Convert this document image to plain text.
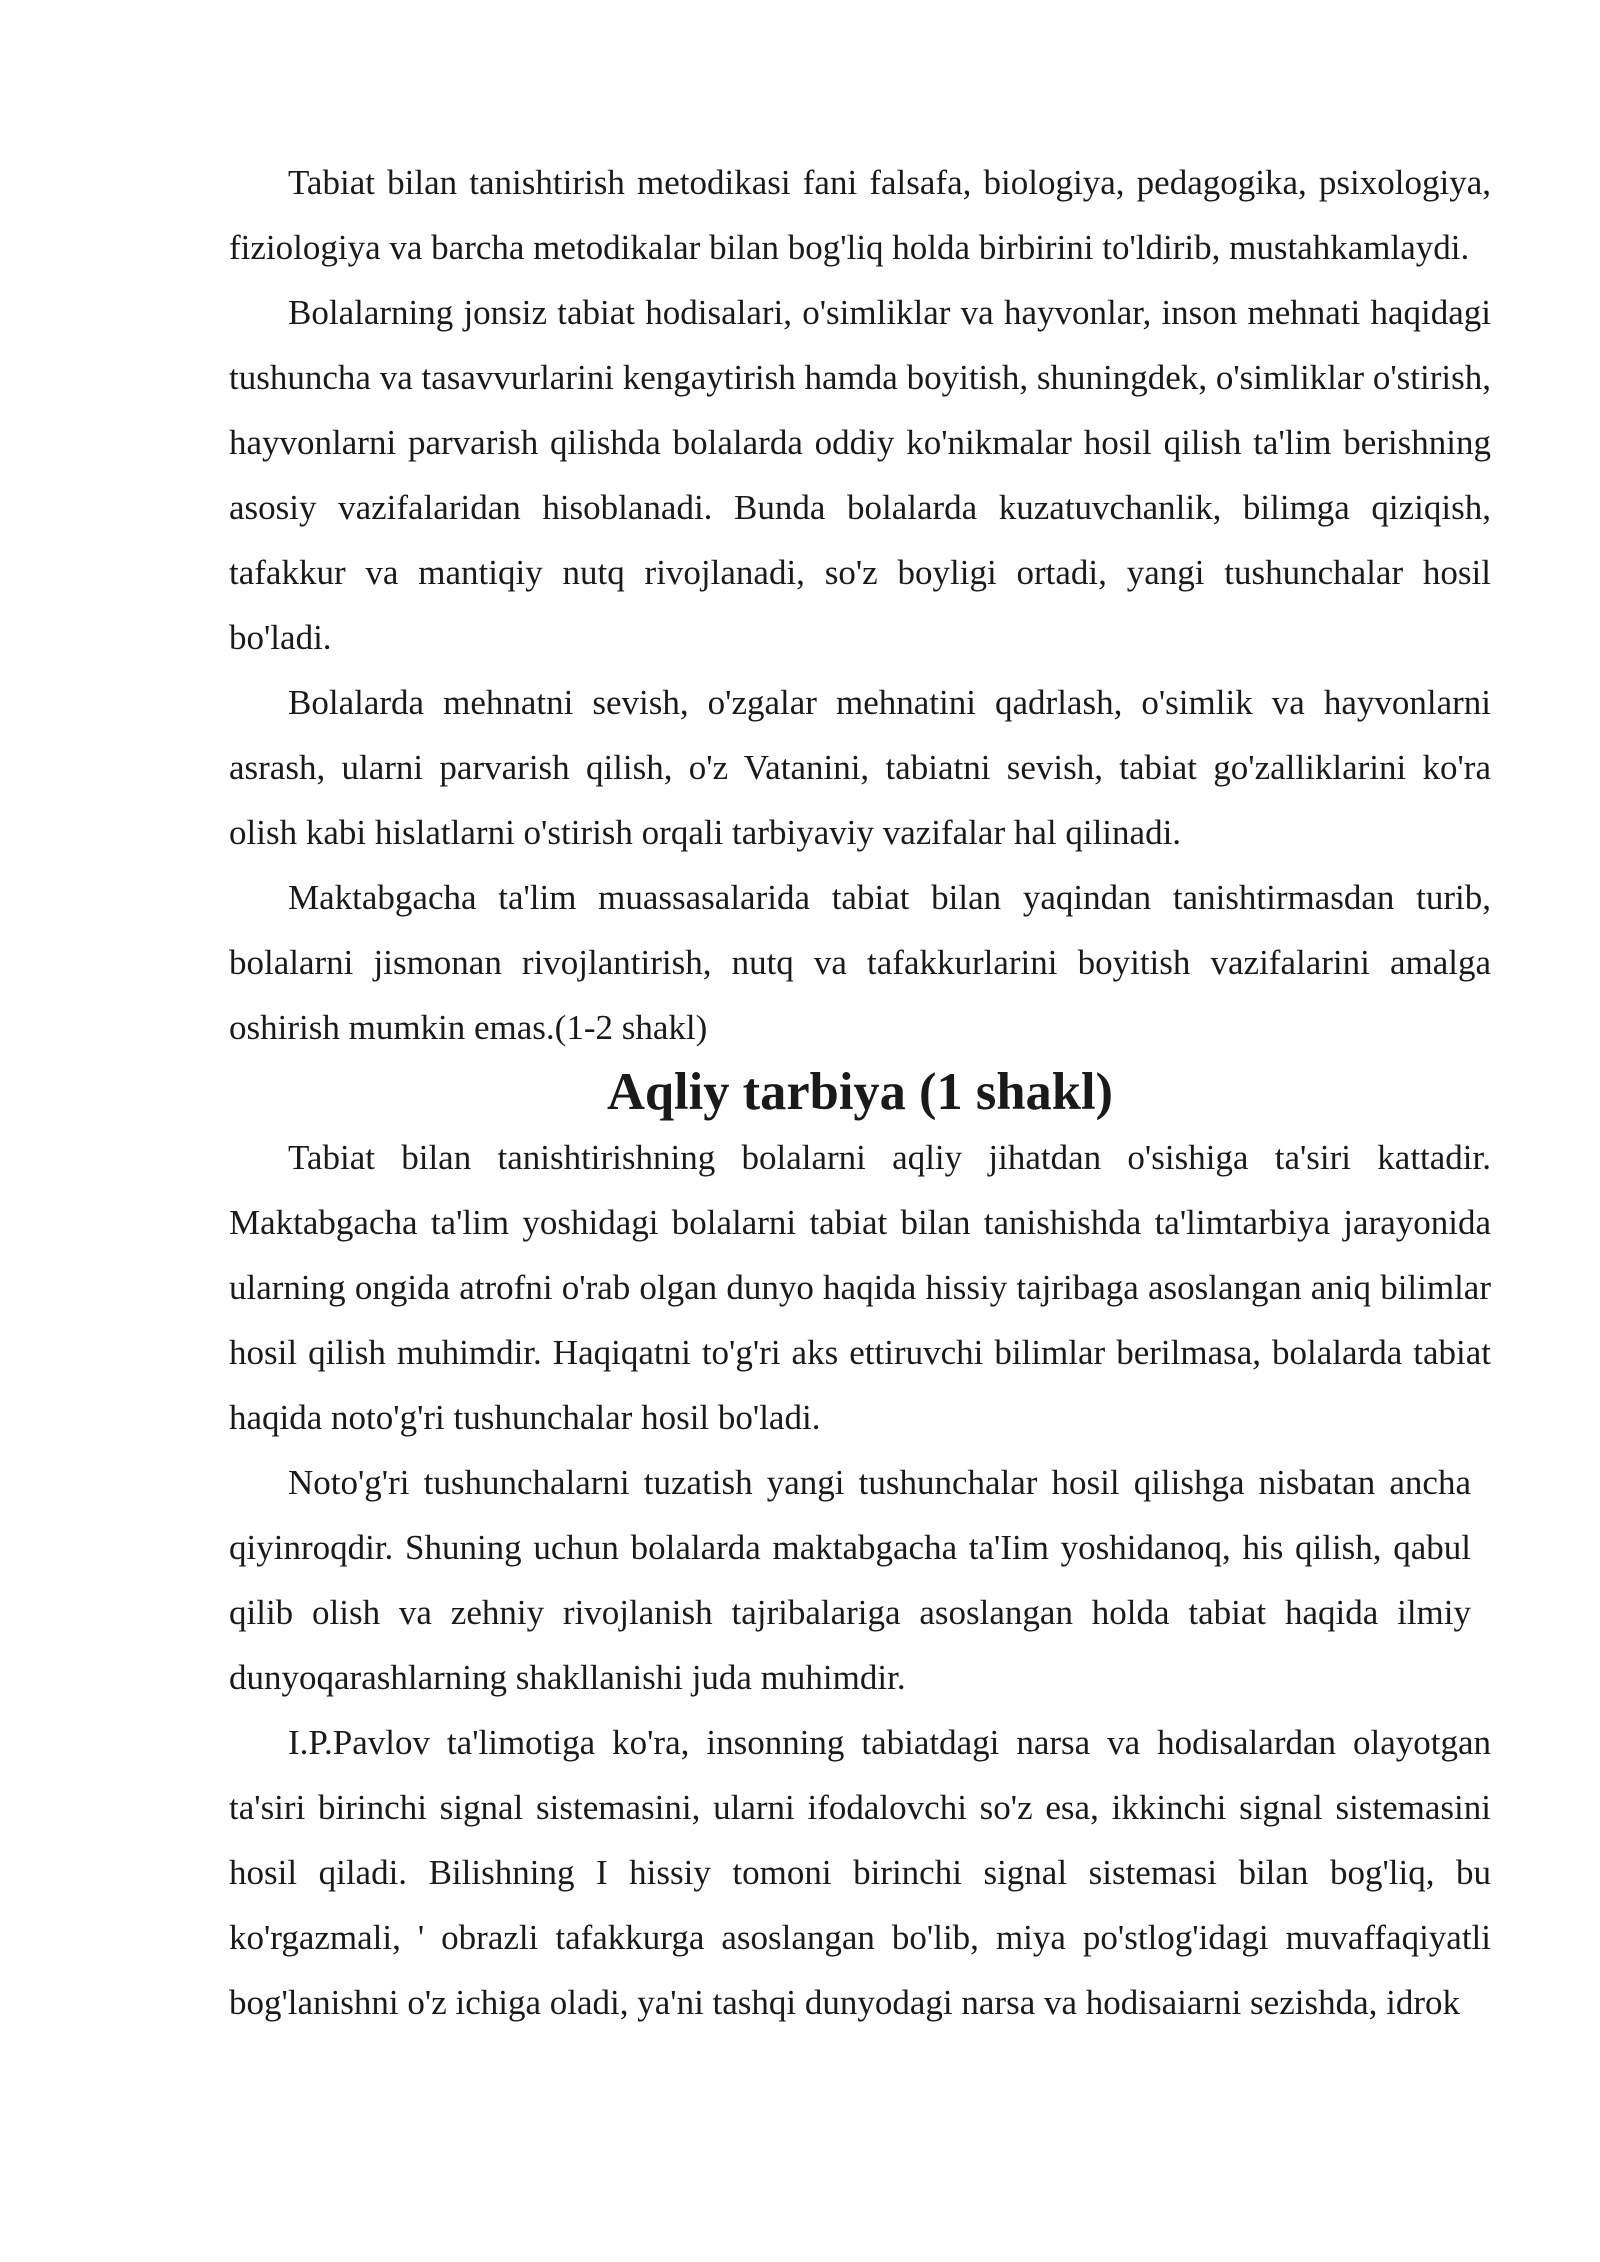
Tabiat bilan tanishtirish metodikasi fani falsafa, biologiya, pedagogika, psixologiya, fiziologiya va barcha metodikalar bilan bog'liq holda birbirini to'ldirib, mustahkamlaydi.

Bolalarning jonsiz tabiat hodisalari, o'simliklar va hayvonlar, inson mehnati haqidagi tushuncha va tasavvurlarini kengaytirish hamda boyitish, shuningdek, o'simliklar o'stirish, hayvonlarni parvarish qilishda bolalarda oddiy ko'nikmalar hosil qilish ta'lim berishning asosiy vazifalaridan hisoblanadi. Bunda bolalarda kuzatuvchanlik, bilimga qiziqish, tafakkur va mantiqiy nutq rivojlanadi, so'z boyligi ortadi, yangi tushunchalar hosil bo'ladi.

Bolalarda mehnatni sevish, o'zgalar mehnatini qadrlash, o'simlik va hayvonlarni asrash, ularni parvarish qilish, o'z Vatanini, tabiatni sevish, tabiat go'zalliklarini ko'ra olish kabi hislatlarni o'stirish orqali tarbiyaviy vazifalar hal qilinadi.

Maktabgacha ta'lim muassasalarida tabiat bilan yaqindan tanishtirmasdan turib, bolalarni jismonan rivojlantirish, nutq va tafakkurlarini boyitish vazifalarini amalga oshirish mumkin emas.(1-2 shakl)

Aqliy tarbiya (1 shakl)

Tabiat bilan tanishtirishning bolalarni aqliy jihatdan o'sishiga ta'siri kattadir. Maktabgacha ta'lim yoshidagi bolalarni tabiat bilan tanishishda ta'limtarbiya jarayonida ularning ongida atrofni o'rab olgan dunyo haqida hissiy tajribaga asoslangan aniq bilimlar hosil qilish muhimdir. Haqiqatni to'g'ri aks ettiruvchi bilimlar berilmasa, bolalarda tabiat haqida noto'g'ri tushunchalar hosil bo'ladi.

Noto'g'ri tushunchalarni tuzatish yangi tushunchalar hosil qilishga nisbatan ancha qiyinroqdir. Shuning uchun bolalarda maktabgacha ta'Iim yoshidanoq, his qilish, qabul qilib olish va zehniy rivojlanish tajribalariga asoslangan holda tabiat haqida ilmiy dunyoqarashlarning shakllanishi juda muhimdir.

I.P.Pavlov ta'limotiga ko'ra, insonning tabiatdagi narsa va hodisalardan olayotgan ta'siri birinchi signal sistemasini, ularni ifodalovchi so'z esa, ikkinchi signal sistemasini hosil qiladi. Bilishning I hissiy tomoni birinchi signal sistemasi bilan bog'liq, bu ko'rgazmali, ' obrazli tafakkurga asoslangan bo'lib, miya po'stlog'idagi muvaffaqiyatli bog'lanishni o'z ichiga oladi, ya'ni tashqi dunyodagi narsa va hodisaiarni sezishda, idrok
